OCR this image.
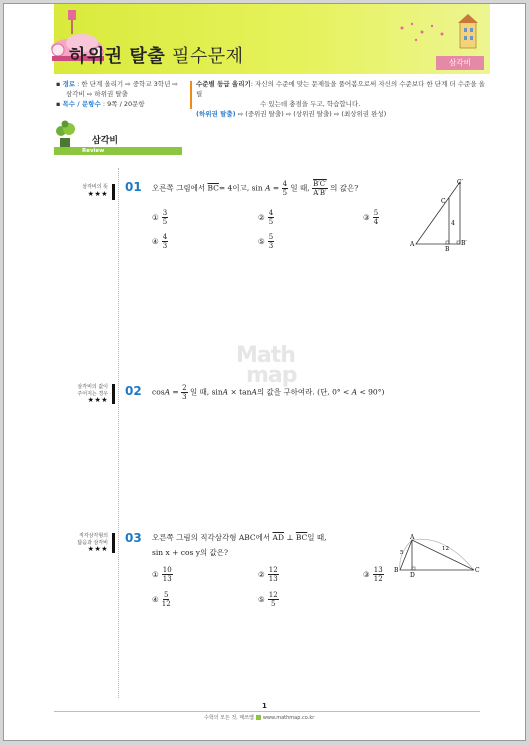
하위권 탈출 필수문제	삼각비
▪ 경로 : 한 단계 올리기 ⇨ 중학교 3학년 ⇨
삼각비 ⇨ 하위권 탈출
▪ 목수 / 문항수 : 9쪽 / 20문항
수준별 등급 올리기: 자신의 수준에 맞는 문제들을 풀어봄으로써 자신의 수준보다 한 단계 더 수준을 올릴
수 있는데 충점을 두고, 학습합니다.
(하위권 탈출) ⇨ (중위권 탈출) ⇨ (상위권 탈출) ⇨ (최상위권 완성)
삼각비
Review
삼각비의 뜻
★★★ 01 오른쪽 그림에서 $\overline{BC}= 4$이고, $\sin A = \frac{4}{5}$ 일 때, $\frac{B'C'}{A'B'}$ 의 값은?
① $\frac{3}{5}$	② $\frac{4}{5}$	③ $\frac{5}{4}$
④ $\frac{4}{3}$	⑤ $\frac{5}{3}$
C′
C
A
B
B′
4
Math
map
삼각비의 값이
주어지는 경우
★★★
02 $\cos A = \frac{2}{3}$ 일 때, sinA × tanA의 값을 구하여라. (단, 0° < A < 90°)
직각삼각형의
닮음과 삼각비
★★★
03 오른쪽 그림의 직각삼각형 ABC에서 $\overline{AD}$ ⊥ $\overline{BC}$일 때,
sin x + cos y의 값은?
① $\frac{10}{13}$	② $\frac{12}{13}$	③ $\frac{13}{12}$
④ $\frac{5}{12}$	⑤ $\frac{12}{5}$
A
B	C
D
5
12
1
수학의 모든 것, 매쓰맵 www.mathmap.co.kr
